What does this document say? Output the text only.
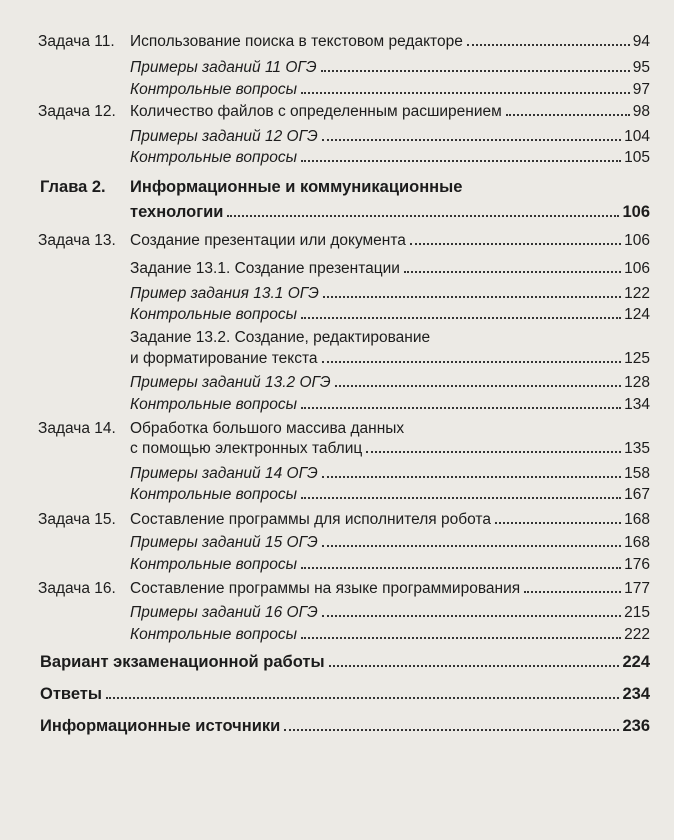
Задача 11. Использование поиска в текстовом редакторе	94
Примеры заданий 11 ОГЭ	95
Контрольные вопросы	97
Задача 12. Количество файлов с определенным расширением	98
Примеры заданий 12 ОГЭ	104
Контрольные вопросы	105
Глава 2. Информационные и коммуникационные
технологии	106
Задача 13. Создание презентации или документа	106
Задание 13.1. Создание презентации	106
Пример задания 13.1 ОГЭ	122
Контрольные вопросы	124
Задание 13.2. Создание, редактирование
и форматирование текста	125
Примеры заданий 13.2 ОГЭ	128
Контрольные вопросы	134
Задача 14. Обработка большого массива данных
с помощью электронных таблиц	135
Примеры заданий 14 ОГЭ	158
Контрольные вопросы	167
Задача 15. Составление программы для исполнителя робота	168
Примеры заданий 15 ОГЭ	168
Контрольные вопросы	176
Задача 16. Составление программы на языке программирования	177
Примеры заданий 16 ОГЭ	215
Контрольные вопросы	222
Вариант экзаменационной работы	224
Ответы	234
Информационные источники	236
